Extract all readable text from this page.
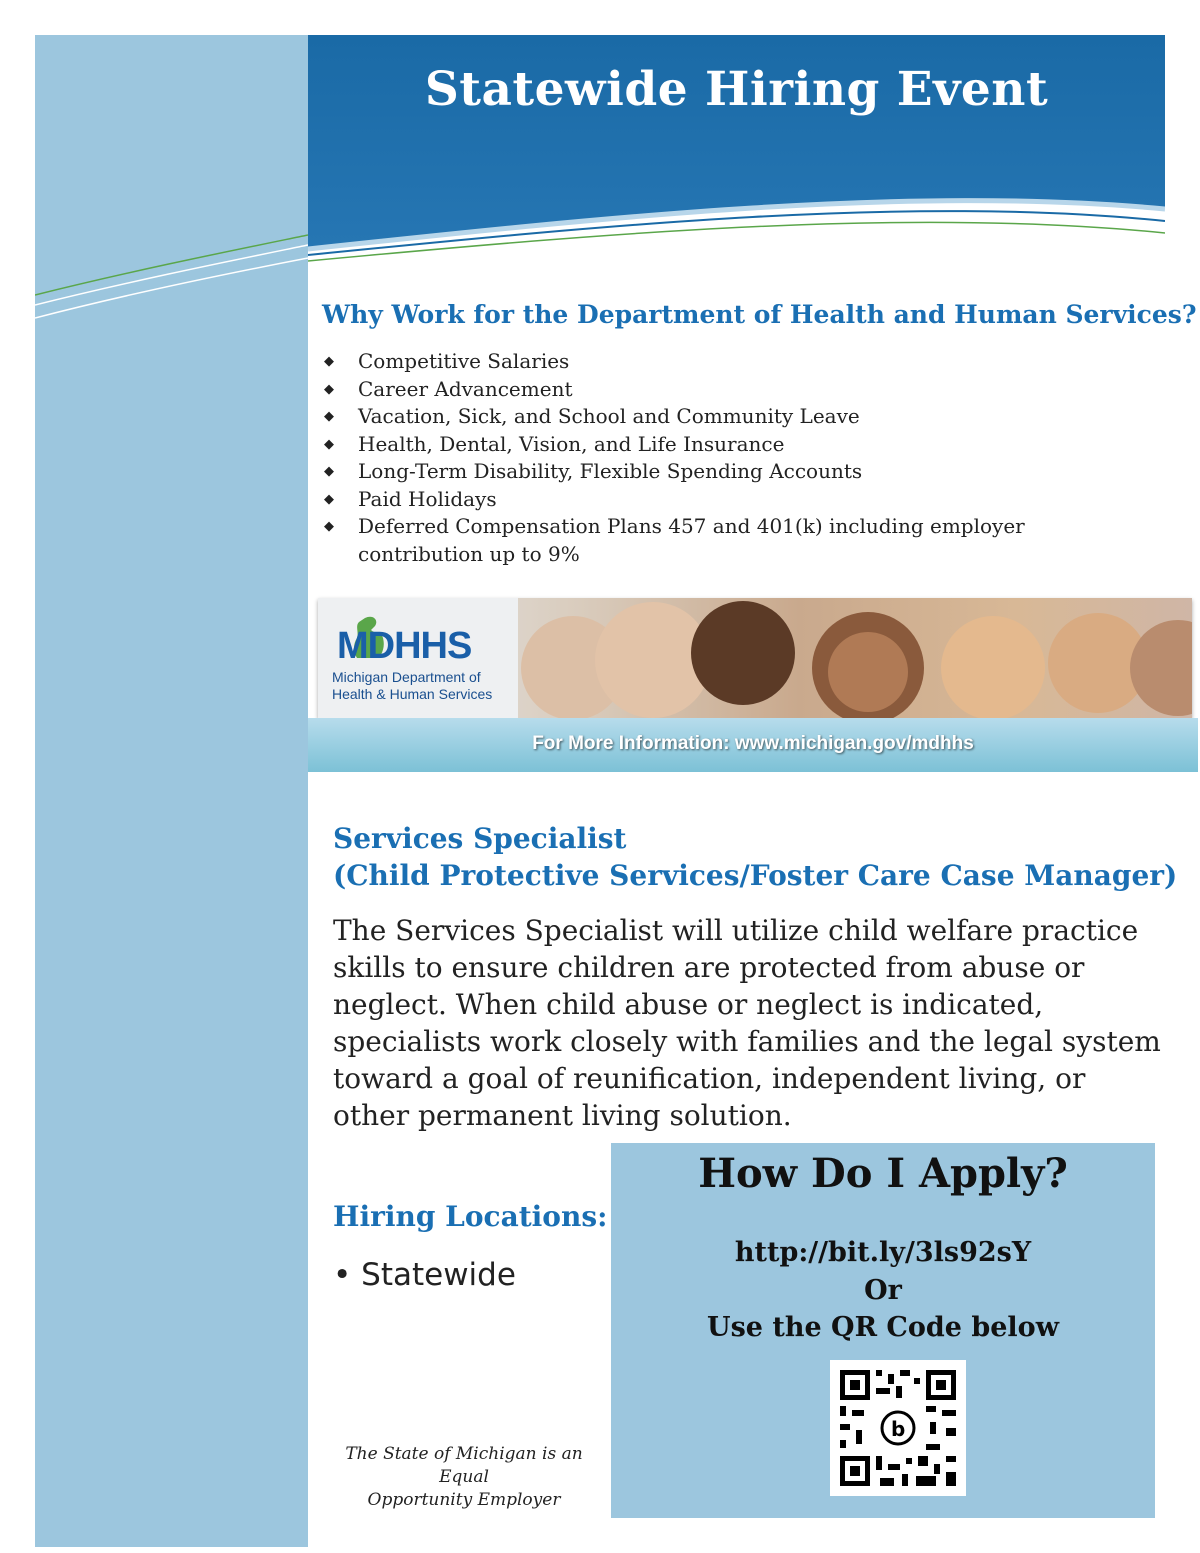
Statewide Hiring Event
Why Work for the Department of Health and Human Services?
◆ Competitive Salaries
◆ Career Advancement
◆ Vacation, Sick, and School and Community Leave
◆ Health, Dental, Vision, and Life Insurance
◆ Long-Term Disability, Flexible Spending Accounts
◆ Paid Holidays
◆ Deferred Compensation Plans 457 and 401(k) including employer contribution up to 9%
MDHHS
Michigan Department of
Health & Human Services
For More Information: www.michigan.gov/mdhhs
Services Specialist
(Child Protective Services/Foster Care Case Manager)
The Services Specialist will utilize child welfare practice skills to ensure children are protected from abuse or neglect. When child abuse or neglect is indicated, specialists work closely with families and the legal system toward a goal of reunification, independent living, or other permanent living solution.
Hiring Locations:
• Statewide
How Do I Apply?
http://bit.ly/3ls92sY
Or
Use the QR Code below
b
The State of Michigan is an Equal
Opportunity Employer
